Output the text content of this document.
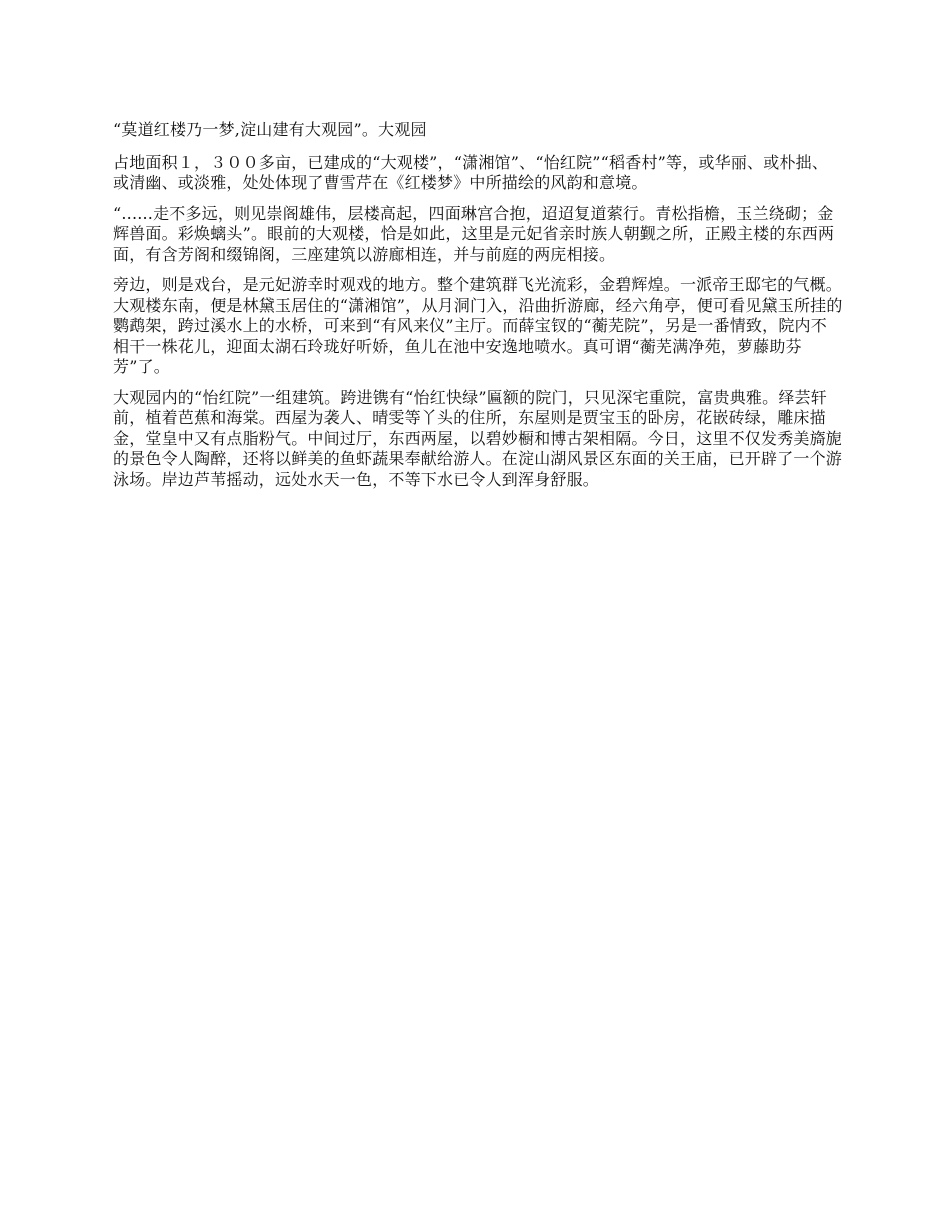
“莫道红楼乃一梦,淀山建有大观园”。大观园

占地面积１，３００多亩，已建成的“大观楼”，“潇湘馆”、“怡红院”“稻香村”等，或华丽、或朴拙、或清幽、或淡雅，处处体现了曹雪芹在《红楼梦》中所描绘的风韵和意境。

“......走不多远，则见崇阁雄伟，层楼高起，四面琳宫合抱，迢迢复道萦行。青松指檐，玉兰绕砌；金辉兽面。彩焕螭头”。眼前的大观楼，恰是如此，这里是元妃省亲时族人朝觐之所，正殿主楼的东西两面，有含芳阁和缀锦阁，三座建筑以游廊相连，并与前庭的两庑相接。

旁边，则是戏台，是元妃游幸时观戏的地方。整个建筑群飞光流彩，金碧辉煌。一派帝王邸宅的气概。大观楼东南，便是林黛玉居住的“潇湘馆”，从月洞门入，沿曲折游廊，经六角亭，便可看见黛玉所挂的鹦鹉架，跨过溪水上的水桥，可来到“有风来仪”主厅。而薛宝钗的“蘅芜院”，另是一番情致，院内不相干一株花儿，迎面太湖石玲珑好听娇，鱼儿在池中安逸地喷水。真可谓“蘅芜满净苑，萝藤助芬芳”了。

大观园内的“怡红院”一组建筑。跨进镌有“怡红快绿”匾额的院门，只见深宅重院，富贵典雅。绎芸轩前，植着芭蕉和海棠。西屋为袭人、晴雯等丫头的住所，东屋则是贾宝玉的卧房，花嵌砖绿，雕床描金，堂皇中又有点脂粉气。中间过厅，东西两屋，以碧妙橱和博古架相隔。今日，这里不仅发秀美旖旎的景色令人陶醉，还将以鲜美的鱼虾蔬果奉献给游人。在淀山湖风景区东面的关王庙，已开辟了一个游泳场。岸边芦苇摇动，远处水天一色，不等下水已令人到浑身舒服。
